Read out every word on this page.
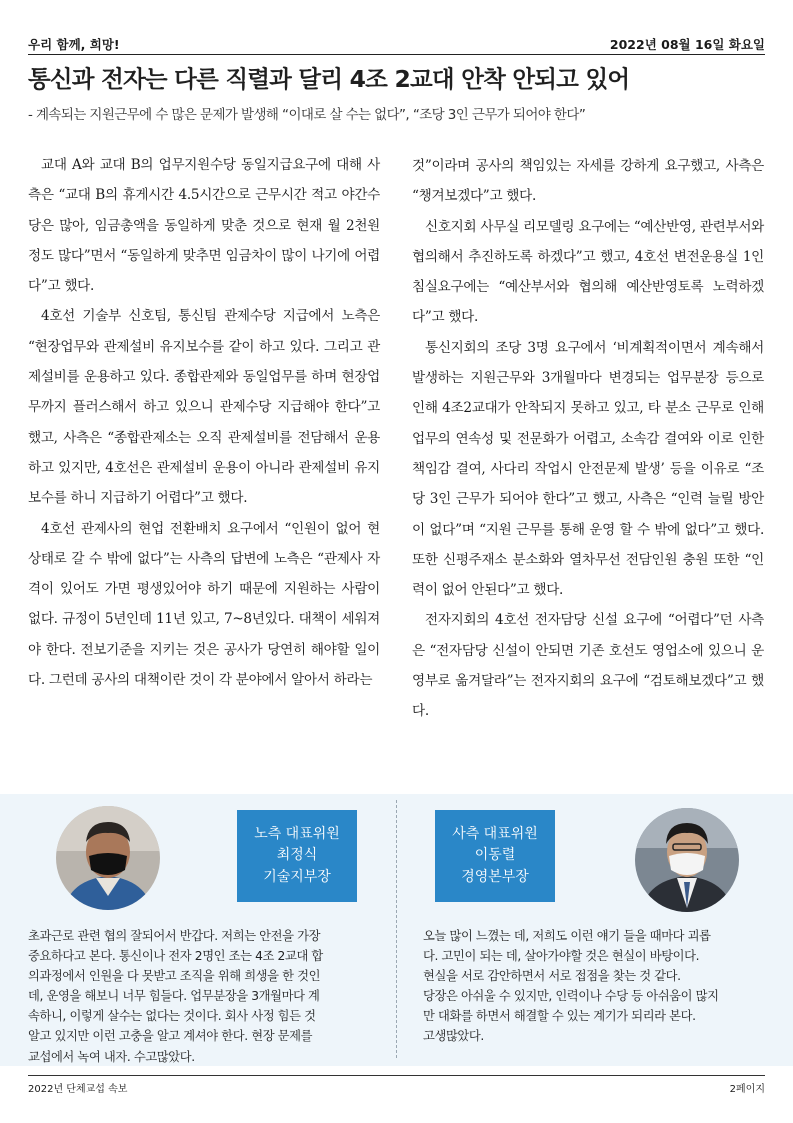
우리 함께, 희망!	2022년 08월 16일 화요일
통신과 전자는 다른 직렬과 달리 4조 2교대 안착 안되고 있어
- 계속되는 지원근무에 수 많은 문제가 발생해 “이대로 살 수는 없다”, “조당 3인 근무가 되어야 한다”

교대 A와 교대 B의 업무지원수당 동일지급요구에 대해 사측은 “교대 B의 휴게시간 4.5시간으로 근무시간 적고 야간수당은 많아, 임금총액을 동일하게 맞춘 것으로 현재 월 2천원 정도 많다”면서 “동일하게 맞추면 임금차이 많이 나기에 어렵다”고 했다.

4호선 기술부 신호팀, 통신팀 관제수당 지급에서 노측은 “현장업무와 관제설비 유지보수를 같이 하고 있다. 그리고 관제설비를 운용하고 있다. 종합관제와 동일업무를 하며 현장업무까지 플러스해서 하고 있으니 관제수당 지급해야 한다”고 했고, 사측은 “종합관제소는 오직 관제설비를 전담해서 운용하고 있지만, 4호선은 관제설비 운용이 아니라 관제설비 유지보수를 하니 지급하기 어렵다”고 했다.

4호선 관제사의 현업 전환배치 요구에서 “인원이 없어 현 상태로 갈 수 밖에 없다”는 사측의 답변에 노측은 “관제사 자격이 있어도 가면 평생있어야 하기 때문에 지원하는 사람이 없다. 규정이 5년인데 11년 있고, 7~8년있다. 대책이 세워져야 한다. 전보기준을 지키는 것은 공사가 당연히 해야할 일이다. 그런데 공사의 대책이란 것이 각 분야에서 알아서 하라는

것”이라며 공사의 책임있는 자세를 강하게 요구했고, 사측은 “챙겨보겠다”고 했다.

신호지회 사무실 리모델링 요구에는 “예산반영, 관련부서와 협의해서 추진하도록 하겠다”고 했고, 4호선 변전운용실 1인 침실요구에는 “예산부서와 협의해 예산반영토록 노력하겠다”고 했다.

통신지회의 조당 3명 요구에서 ‘비계획적이면서 계속해서 발생하는 지원근무와 3개월마다 변경되는 업무분장 등으로 인해 4조2교대가 안착되지 못하고 있고, 타 분소 근무로 인해 업무의 연속성 및 전문화가 어렵고, 소속감 결여와 이로 인한 책임감 결여, 사다리 작업시 안전문제 발생’ 등을 이유로 “조당 3인 근무가 되어야 한다”고 했고, 사측은 “인력 늘릴 방안이 없다”며 “지원 근무를 통해 운영 할 수 밖에 없다”고 했다. 또한 신평주재소 분소화와 열차무선 전담인원 충원 또한 “인력이 없어 안된다”고 했다.

전자지회의 4호선 전자담당 신설 요구에 “어렵다”던 사측은 “전자담당 신설이 안되면 기존 호선도 영업소에 있으니 운영부로 옮겨달라”는 전자지회의 요구에 “검토해보겠다”고 했다.

노측 대표위원
최정식
기술지부장
사측 대표위원
이동렬
경영본부장

초과근로 관련 협의 잘되어서 반갑다. 저희는 안전을 가장

중요하다고 본다. 통신이나 전자 2명인 조는 4조 2교대 합

의과정에서 인원을 다 못받고 조직을 위해 희생을 한 것인

데, 운영을 해보니 너무 힘들다. 업무분장을 3개월마다 계

속하니, 이렇게 살수는 없다는 것이다. 회사 사정 힘든 것

알고 있지만 이런 고충을 알고 계셔야 한다. 현장 문제를

교섭에서 녹여 내자. 수고많았다.

오늘 많이 느꼈는 데, 저희도 이런 얘기 들을 때마다 괴롭

다. 고민이 되는 데, 살아가야할 것은 현실이 바탕이다.

현실을 서로 감안하면서 서로 접점을 찾는 것 같다.

당장은 아쉬울 수 있지만, 인력이나 수당 등 아쉬움이 많지

만 대화를 하면서 해결할 수 있는 계기가 되리라 본다.

고생많았다.

2022년 단체교섭 속보	2페이지
